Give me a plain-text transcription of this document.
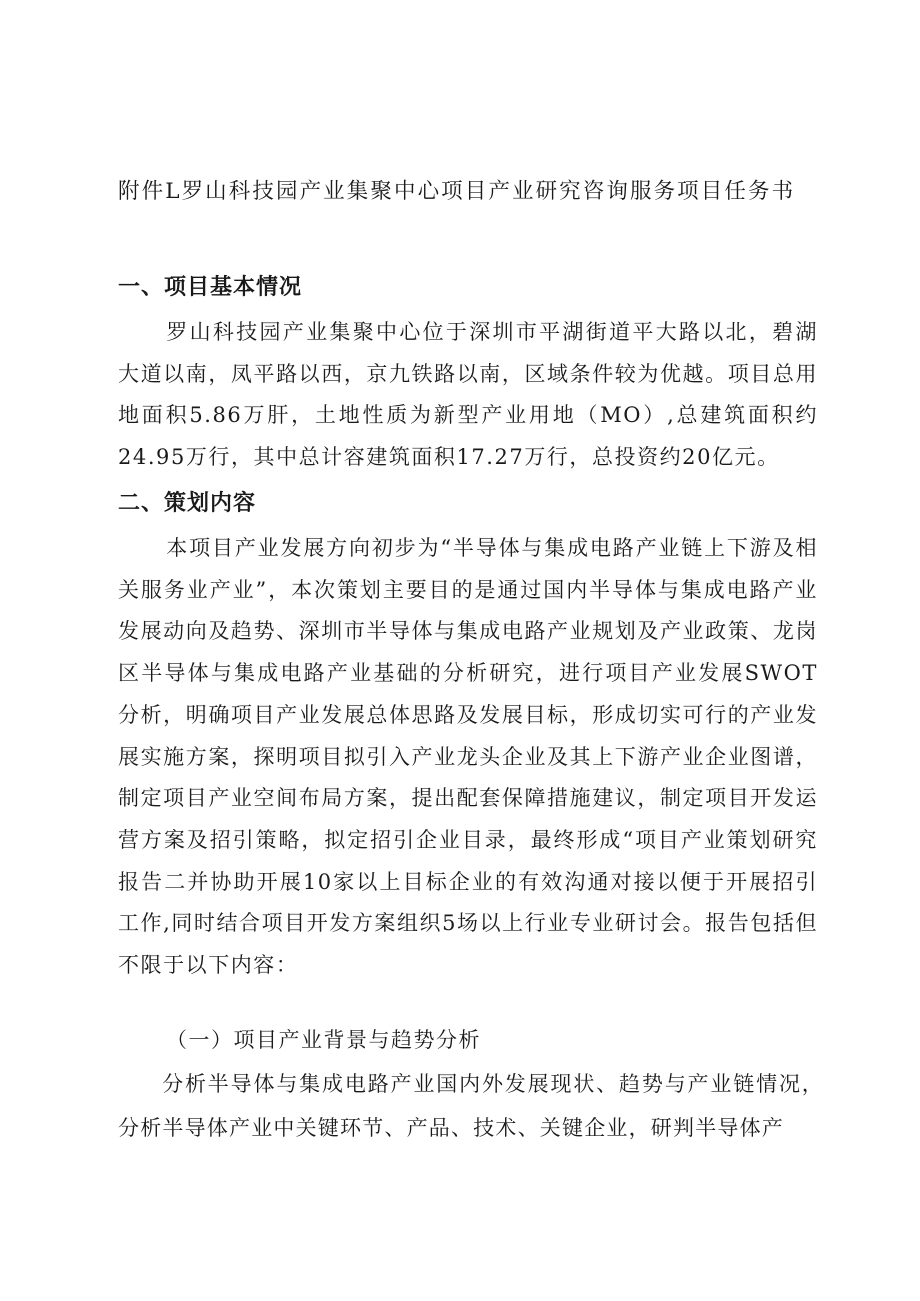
附件L罗山科技园产业集聚中心项目产业研究咨询服务项目任务书
一、项目基本情况
罗山科技园产业集聚中心位于深圳市平湖街道平大路以北，碧湖大道以南，凤平路以西，京九铁路以南，区域条件较为优越。项目总用地面积5.86万肝，土地性质为新型产业用地（MO）,总建筑面积约24.95万行，其中总计容建筑面积17.27万行，总投资约20亿元。
二、策划内容
本项目产业发展方向初步为“半导体与集成电路产业链上下游及相关服务业产业”，本次策划主要目的是通过国内半导体与集成电路产业发展动向及趋势、深圳市半导体与集成电路产业规划及产业政策、龙岗区半导体与集成电路产业基础的分析研究，进行项目产业发展SWOT分析，明确项目产业发展总体思路及发展目标，形成切实可行的产业发展实施方案，探明项目拟引入产业龙头企业及其上下游产业企业图谱，制定项目产业空间布局方案，提出配套保障措施建议，制定项目开发运营方案及招引策略，拟定招引企业目录，最终形成“项目产业策划研究报告二并协助开展10家以上目标企业的有效沟通对接以便于开展招引工作,同时结合项目开发方案组织5场以上行业专业研讨会。报告包括但不限于以下内容：
（一）项目产业背景与趋势分析
分析半导体与集成电路产业国内外发展现状、趋势与产业链情况，分析半导体产业中关键环节、产品、技术、关键企业，研判半导体产
